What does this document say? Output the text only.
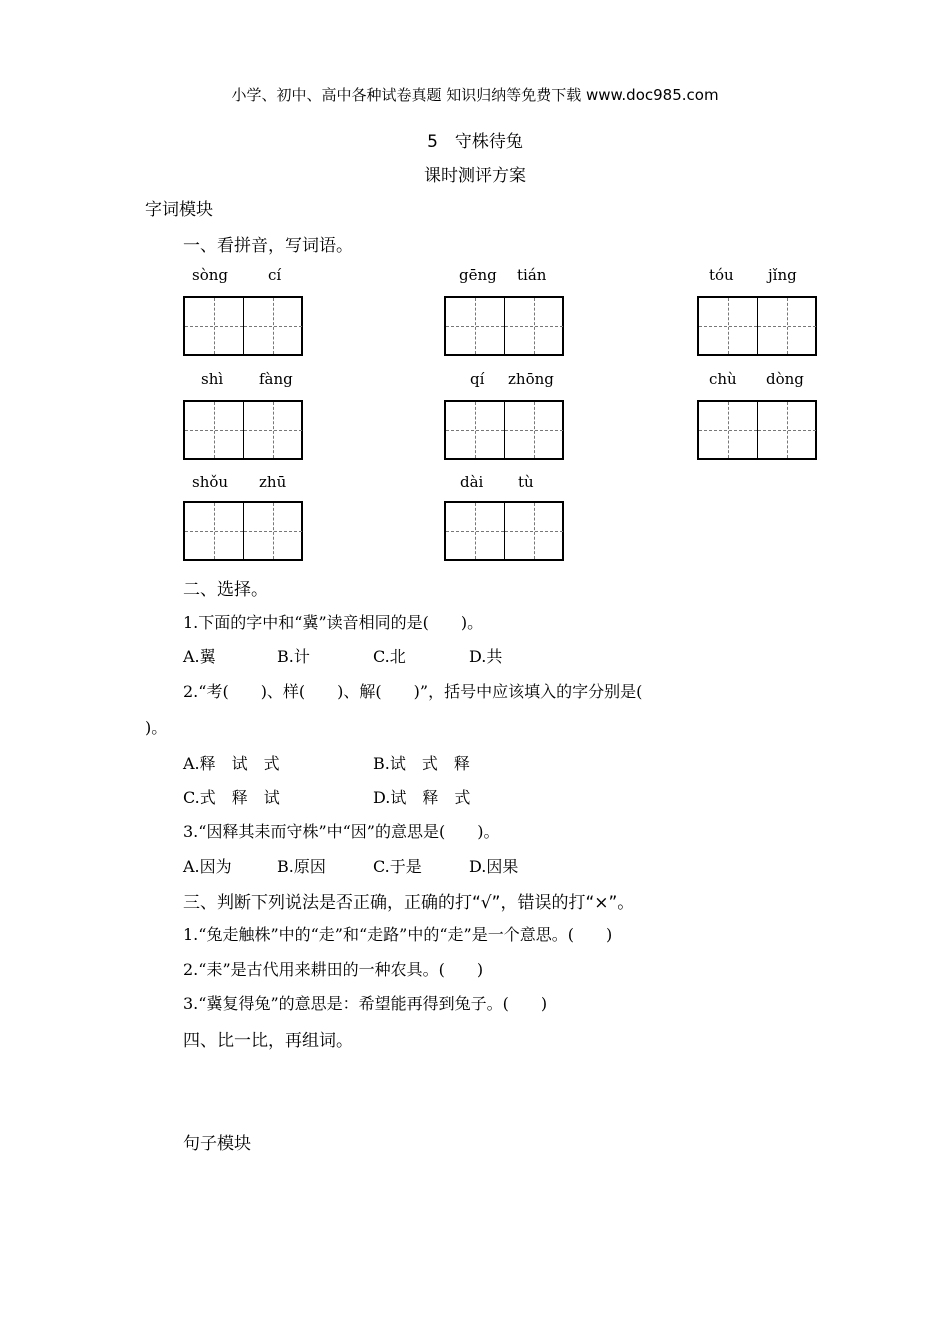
小学、初中、高中各种试卷真题 知识归纳等免费下载 www.doc985.com
5　守株待兔
课时测评方案
字词模块
一、看拼音，写词语。
sòng	cí	gēng tián	tóu jǐng
shì fàng	qí zhōng	chù dòng
shǒu zhū	dài tù
二、选择。
1.下面的字中和“冀”读音相同的是(　　)。
A.翼	B.计	C.北	D.共
2.“考(　　)、样(　　)、解(　　)”，括号中应该填入的字分别是(
)。
A.释　试　式	B.试　式　释
C.式　释　试	D.试　释　式
3.“因释其耒而守株”中“因”的意思是(　　)。
A.因为	B.原因	C.于是	D.因果
三、判断下列说法是否正确，正确的打“√”，错误的打“×”。
1.“兔走触株”中的“走”和“走路”中的“走”是一个意思。(　　)
2.“耒”是古代用来耕田的一种农具。(　　)
3.“冀复得兔”的意思是：希望能再得到兔子。(　　)
四、比一比，再组词。
句子模块
